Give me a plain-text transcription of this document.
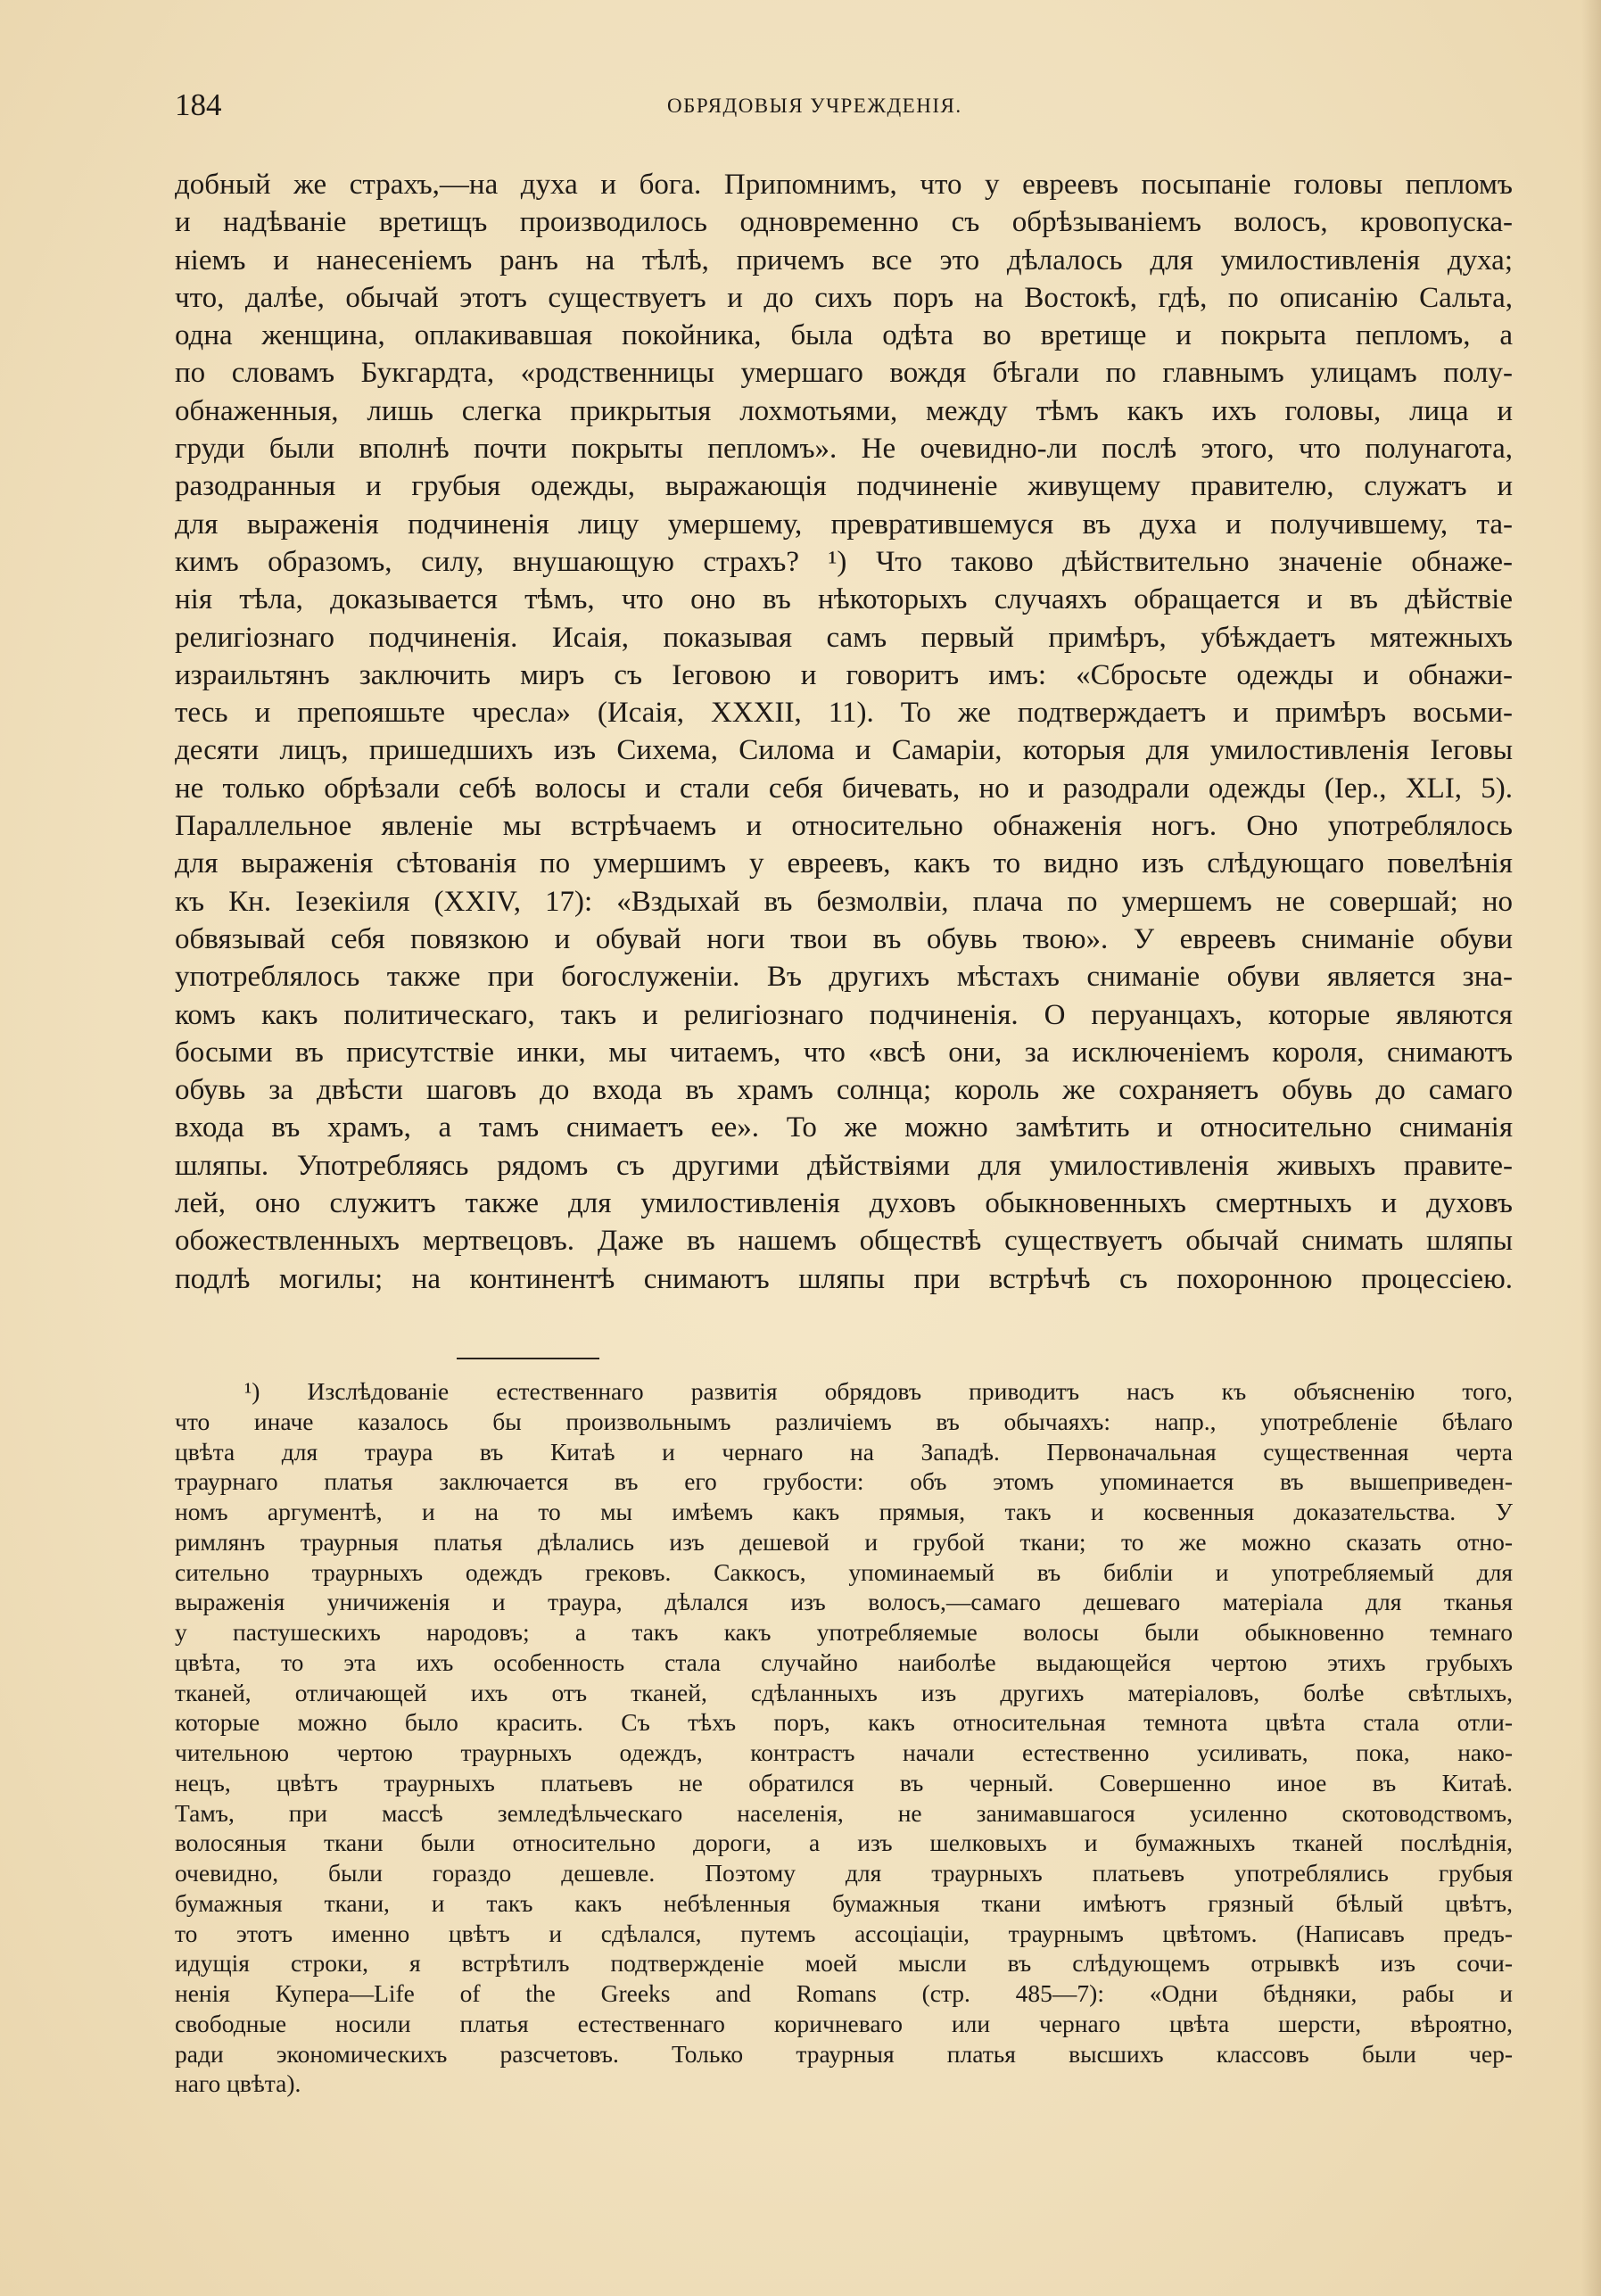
184	ОБРЯДОВЫЯ УЧРЕЖДЕНІЯ.
добный же страхъ,—на духа и бога. Припомнимъ, что у евреевъ посыпаніе головы пепломъ
и надѣваніе вретищъ производилось одновременно съ обрѣзываніемъ волосъ, кровопуска-
ніемъ и нанесеніемъ ранъ на тѣлѣ, причемъ все это дѣлалось для умилостивленія духа;
что, далѣе, обычай этотъ существуетъ и до сихъ поръ на Востокѣ, гдѣ, по описанію Сальта,
одна женщина, оплакивавшая покойника, была одѣта во вретище и покрыта пепломъ, а
по словамъ Букгардта, «родственницы умершаго вождя бѣгали по главнымъ улицамъ полу-
обнаженныя, лишь слегка прикрытыя лохмотьями, между тѣмъ какъ ихъ головы, лица и
груди были вполнѣ почти покрыты пепломъ». Не очевидно-ли послѣ этого, что полунагота,
разодранныя и грубыя одежды, выражающія подчиненіе живущему правителю, служатъ и
для выраженія подчиненія лицу умершему, превратившемуся въ духа и получившему, та-
кимъ образомъ, силу, внушающую страхъ? ¹) Что таково дѣйствительно значеніе обнаже-
нія тѣла, доказывается тѣмъ, что оно въ нѣкоторыхъ случаяхъ обращается и въ дѣйствіе
религіознаго подчиненія. Исаія, показывая самъ первый примѣръ, убѣждаетъ мятежныхъ
израильтянъ заключить миръ съ Іеговою и говоритъ имъ: «Сбросьте одежды и обнажи-
тесь и препояшьте чресла» (Исаія, XXXII, 11). То же подтверждаетъ и примѣръ восьми-
десяти лицъ, пришедшихъ изъ Сихема, Силома и Самаріи, которыя для умилостивленія Іеговы
не только обрѣзали себѣ волосы и стали себя бичевать, но и разодрали одежды (Іер., XLI, 5).
Параллельное явленіе мы встрѣчаемъ и относительно обнаженія ногъ. Оно употреблялось
для выраженія сѣтованія по умершимъ у евреевъ, какъ то видно изъ слѣдующаго повелѣнія
къ Кн. Іезекіиля (XXIV, 17): «Вздыхай въ безмолвіи, плача по умершемъ не совершай; но
обвязывай себя повязкою и обувай ноги твои въ обувь твою». У евреевъ сниманіе обуви
употреблялось также при богослуженіи. Въ другихъ мѣстахъ сниманіе обуви является зна-
комъ какъ политическаго, такъ и религіознаго подчиненія. О перуанцахъ, которые являются
босыми въ присутствіе инки, мы читаемъ, что «всѣ они, за исключеніемъ короля, снимаютъ
обувь за двѣсти шаговъ до входа въ храмъ солнца; король же сохраняетъ обувь до самаго
входа въ храмъ, а тамъ снимаетъ ее». То же можно замѣтить и относительно сниманія
шляпы. Употребляясь рядомъ съ другими дѣйствіями для умилостивленія живыхъ правите-
лей, оно служитъ также для умилостивленія духовъ обыкновенныхъ смертныхъ и духовъ
обожествленныхъ мертвецовъ. Даже въ нашемъ обществѣ существуетъ обычай снимать шляпы
подлѣ могилы; на континентѣ снимаютъ шляпы при встрѣчѣ съ похоронною процессіею.
¹) Изслѣдованіе естественнаго развитія обрядовъ приводитъ насъ къ объясненію того,
что иначе казалось бы произвольнымъ различіемъ въ обычаяхъ: напр., употребленіе бѣлаго
цвѣта для траура въ Китаѣ и чернаго на Западѣ. Первоначальная существенная черта
траурнаго платья заключается въ его грубости: объ этомъ упоминается въ вышеприведен-
номъ аргументѣ, и на то мы имѣемъ какъ прямыя, такъ и косвенныя доказательства. У
римлянъ траурныя платья дѣлались изъ дешевой и грубой ткани; то же можно сказать отно-
сительно траурныхъ одеждъ грековъ. Саккосъ, упоминаемый въ библіи и употребляемый для
выраженія уничиженія и траура, дѣлался изъ волосъ,—самаго дешеваго матеріала для тканья
у пастушескихъ народовъ; а такъ какъ употребляемые волосы были обыкновенно темнаго
цвѣта, то эта ихъ особенность стала случайно наиболѣе выдающейся чертою этихъ грубыхъ
тканей, отличающей ихъ отъ тканей, сдѣланныхъ изъ другихъ матеріаловъ, болѣе свѣтлыхъ,
которые можно было красить. Съ тѣхъ поръ, какъ относительная темнота цвѣта стала отли-
чительною чертою траурныхъ одеждъ, контрастъ начали естественно усиливать, пока, нако-
нецъ, цвѣтъ траурныхъ платьевъ не обратился въ черный. Совершенно иное въ Китаѣ.
Тамъ, при массѣ земледѣльческаго населенія, не занимавшагося усиленно скотоводствомъ,
волосяныя ткани были относительно дороги, а изъ шелковыхъ и бумажныхъ тканей послѣднія,
очевидно, были гораздо дешевле. Поэтому для траурныхъ платьевъ употреблялись грубыя
бумажныя ткани, и такъ какъ небѣленныя бумажныя ткани имѣютъ грязный бѣлый цвѣтъ,
то этотъ именно цвѣтъ и сдѣлался, путемъ ассоціаціи, траурнымъ цвѣтомъ. (Написавъ предъ-
идущія строки, я встрѣтилъ подтвержденіе моей мысли въ слѣдующемъ отрывкѣ изъ сочи-
ненія Купера—Life of the Greeks and Romans (стр. 485—7): «Одни бѣдняки, рабы и
свободные носили платья естественнаго коричневаго или чернаго цвѣта шерсти, вѣроятно,
ради экономическихъ разсчетовъ. Только траурныя платья высшихъ классовъ были чер-
наго цвѣта).
